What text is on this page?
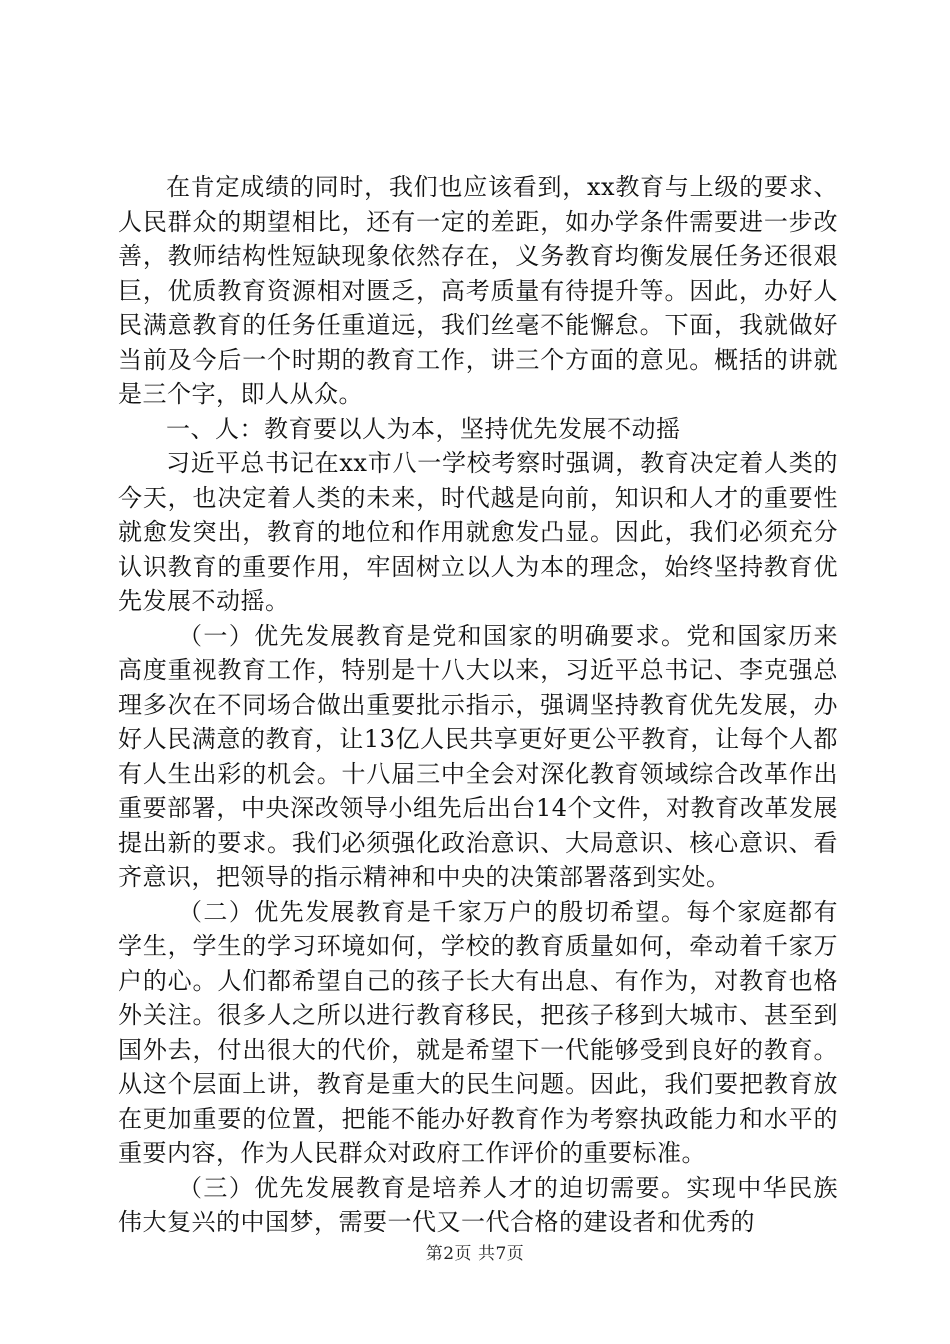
在肯定成绩的同时，我们也应该看到，xx教育与上级的要求、人民群众的期望相比，还有一定的差距，如办学条件需要进一步改善，教师结构性短缺现象依然存在，义务教育均衡发展任务还很艰巨，优质教育资源相对匮乏，高考质量有待提升等。因此，办好人民满意教育的任务任重道远，我们丝毫不能懈怠。下面，我就做好当前及今后一个时期的教育工作，讲三个方面的意见。概括的讲就是三个字，即人从众。

一、人：教育要以人为本，坚持优先发展不动摇

习近平总书记在xx市八一学校考察时强调，教育决定着人类的今天，也决定着人类的未来，时代越是向前，知识和人才的重要性就愈发突出，教育的地位和作用就愈发凸显。因此，我们必须充分认识教育的重要作用，牢固树立以人为本的理念，始终坚持教育优先发展不动摇。

（一）优先发展教育是党和国家的明确要求。党和国家历来高度重视教育工作，特别是十八大以来，习近平总书记、李克强总理多次在不同场合做出重要批示指示，强调坚持教育优先发展，办好人民满意的教育，让13亿人民共享更好更公平教育，让每个人都有人生出彩的机会。十八届三中全会对深化教育领域综合改革作出重要部署，中央深改领导小组先后出台14个文件，对教育改革发展提出新的要求。我们必须强化政治意识、大局意识、核心意识、看齐意识，把领导的指示精神和中央的决策部署落到实处。

（二）优先发展教育是千家万户的殷切希望。每个家庭都有学生，学生的学习环境如何，学校的教育质量如何，牵动着千家万户的心。人们都希望自己的孩子长大有出息、有作为，对教育也格外关注。很多人之所以进行教育移民，把孩子移到大城市、甚至到国外去，付出很大的代价，就是希望下一代能够受到良好的教育。从这个层面上讲，教育是重大的民生问题。因此，我们要把教育放在更加重要的位置，把能不能办好教育作为考察执政能力和水平的重要内容，作为人民群众对政府工作评价的重要标准。

（三）优先发展教育是培养人才的迫切需要。实现中华民族伟大复兴的中国梦，需要一代又一代合格的建设者和优秀的

第2页 共7页
